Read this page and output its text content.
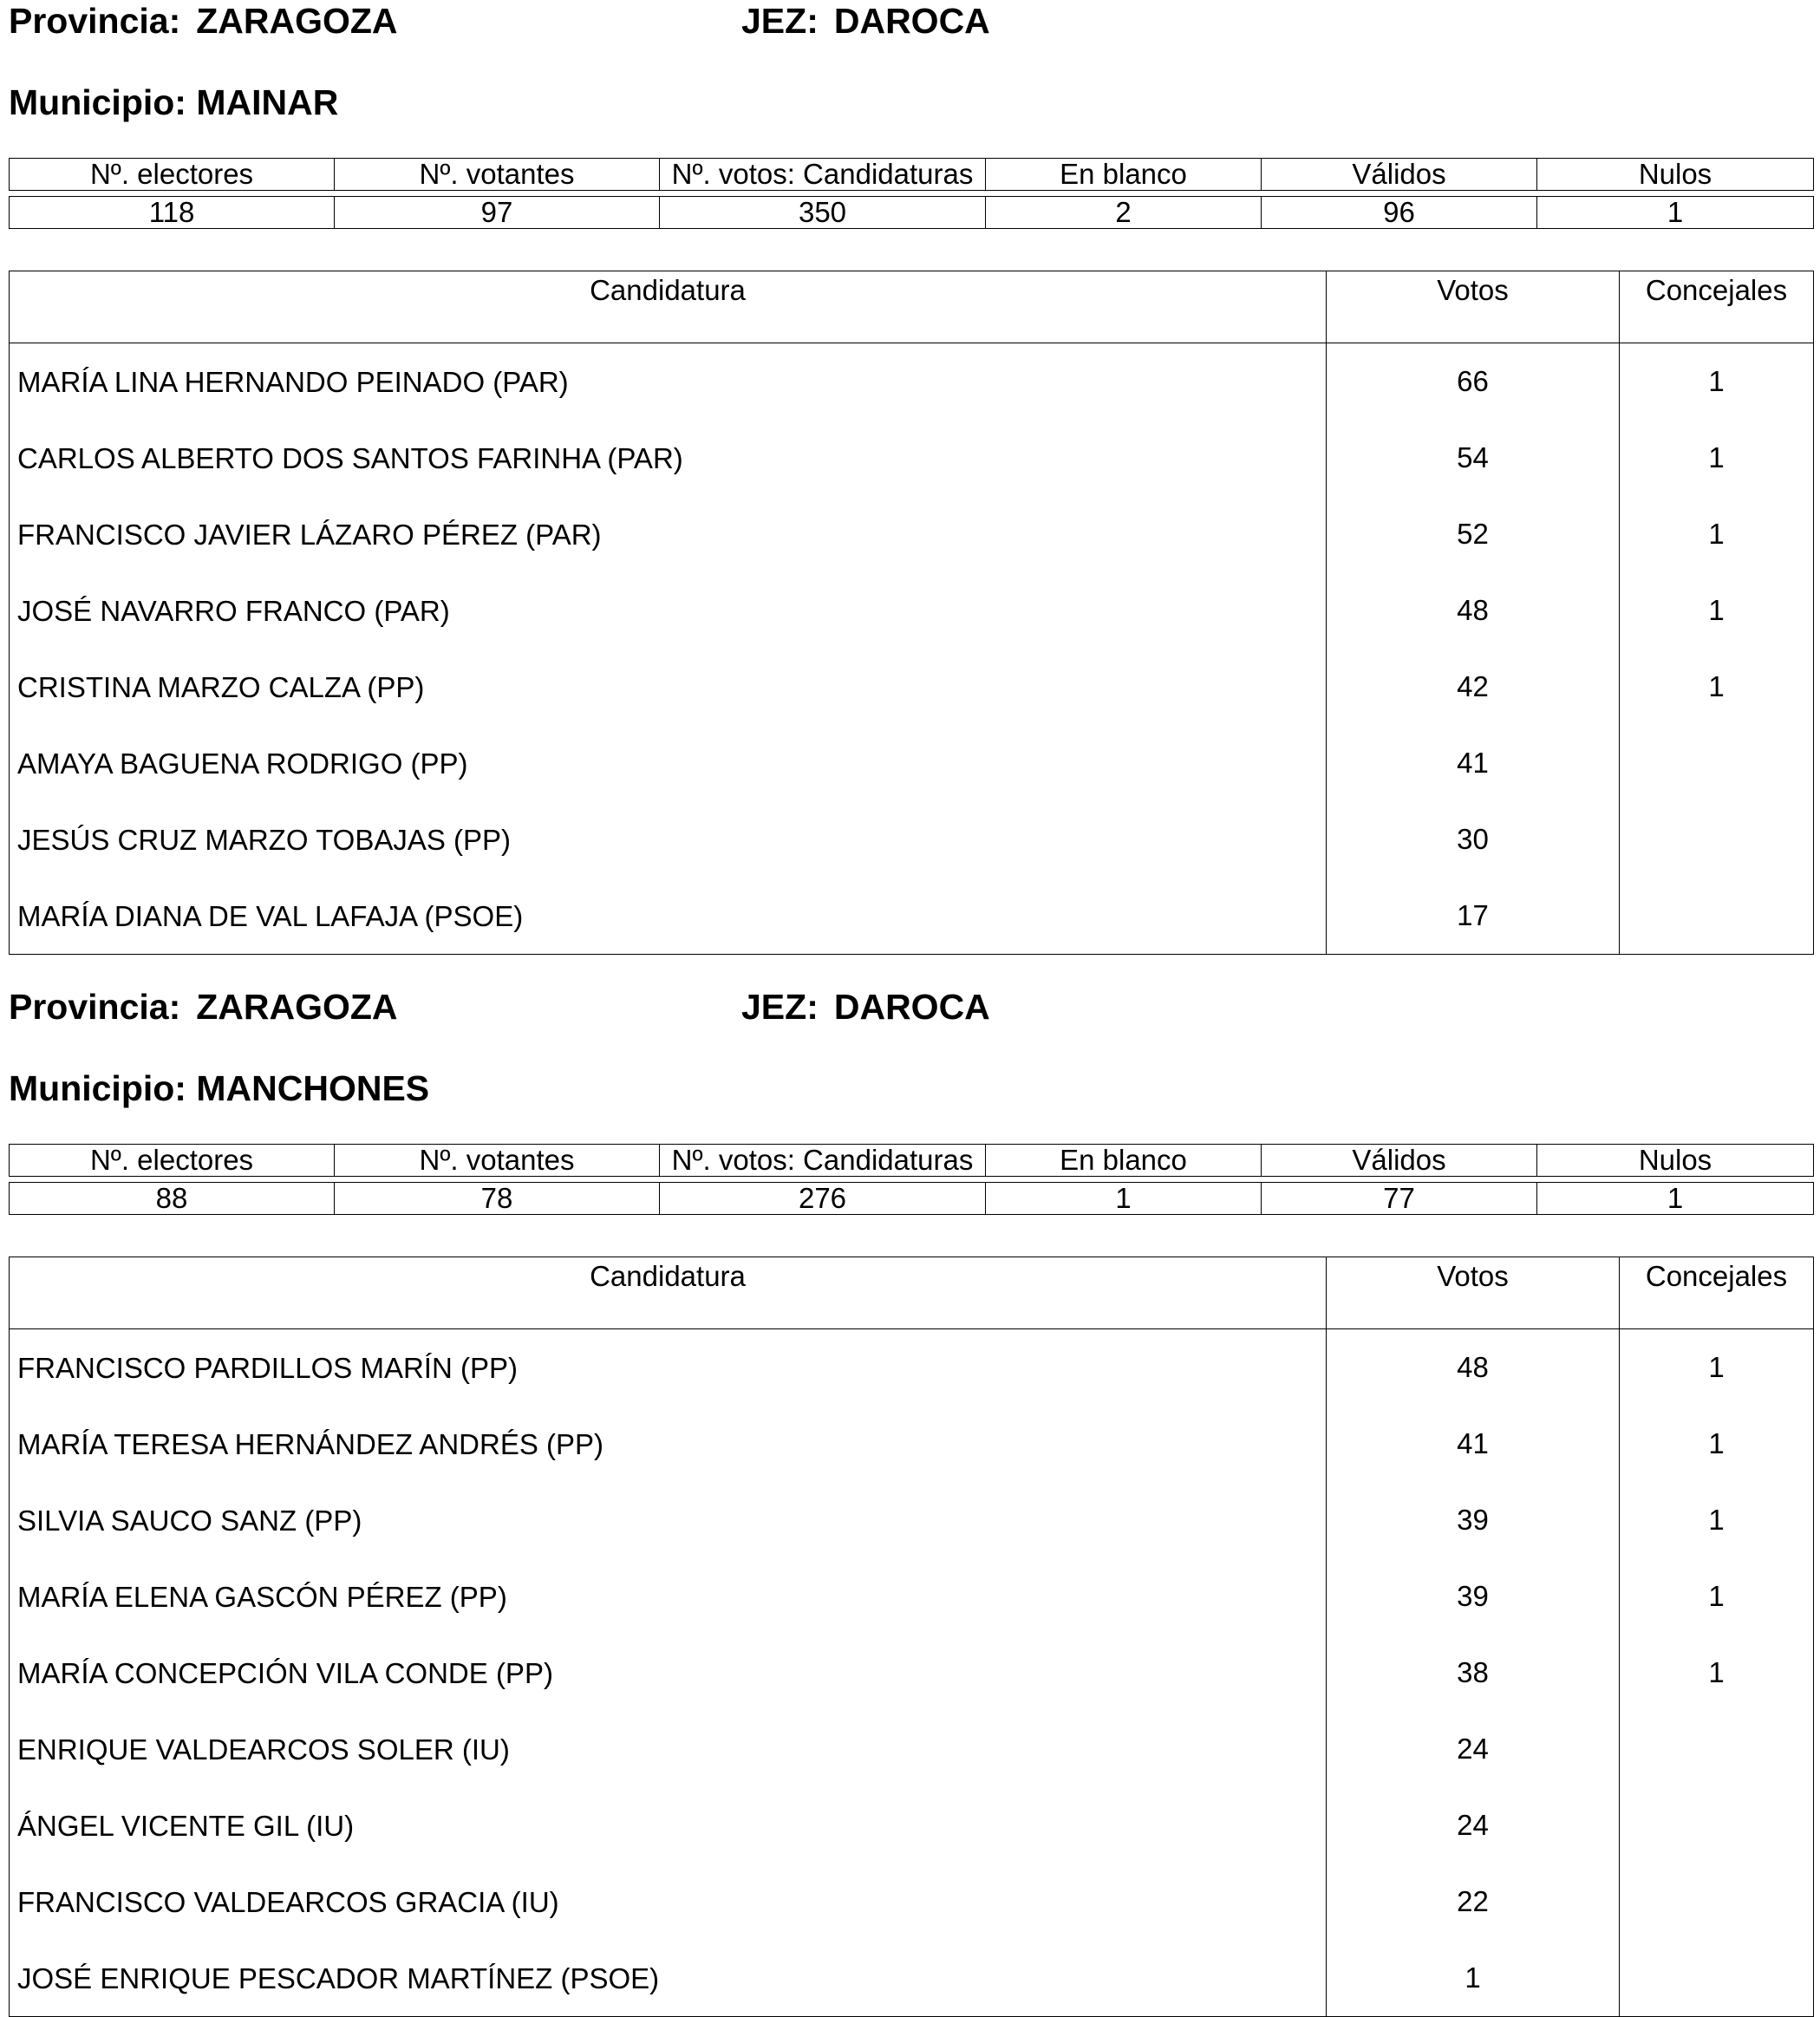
Provincia: ZARAGOZA	JEZ: DAROCA
Municipio: MAINAR
Nº. electores	Nº. votantes	Nº. votos: Candidaturas	En blanco	Válidos	Nulos

118	97	350	2	96	1
Candidatura	Votos	Concejales
MARÍA LINA HERNANDO PEINADO (PAR)	66	1
CARLOS ALBERTO DOS SANTOS FARINHA (PAR)	54	1
FRANCISCO JAVIER LÁZARO PÉREZ (PAR)	52	1
JOSÉ NAVARRO FRANCO (PAR)	48	1
CRISTINA MARZO CALZA (PP)	42	1
AMAYA BAGUENA RODRIGO (PP)	41	
JESÚS CRUZ MARZO TOBAJAS (PP)	30	
MARÍA DIANA DE VAL LAFAJA (PSOE)	17	
Provincia: ZARAGOZA	JEZ: DAROCA
Municipio: MANCHONES
Nº. electores	Nº. votantes	Nº. votos: Candidaturas	En blanco	Válidos	Nulos

88	78	276	1	77	1
Candidatura	Votos	Concejales
FRANCISCO PARDILLOS MARÍN (PP)	48	1
MARÍA TERESA HERNÁNDEZ ANDRÉS (PP)	41	1
SILVIA SAUCO SANZ (PP)	39	1
MARÍA ELENA GASCÓN PÉREZ (PP)	39	1
MARÍA CONCEPCIÓN VILA CONDE (PP)	38	1
ENRIQUE VALDEARCOS SOLER (IU)	24	
ÁNGEL VICENTE GIL (IU)	24	
FRANCISCO VALDEARCOS GRACIA (IU)	22	
JOSÉ ENRIQUE PESCADOR MARTÍNEZ (PSOE)	1	
